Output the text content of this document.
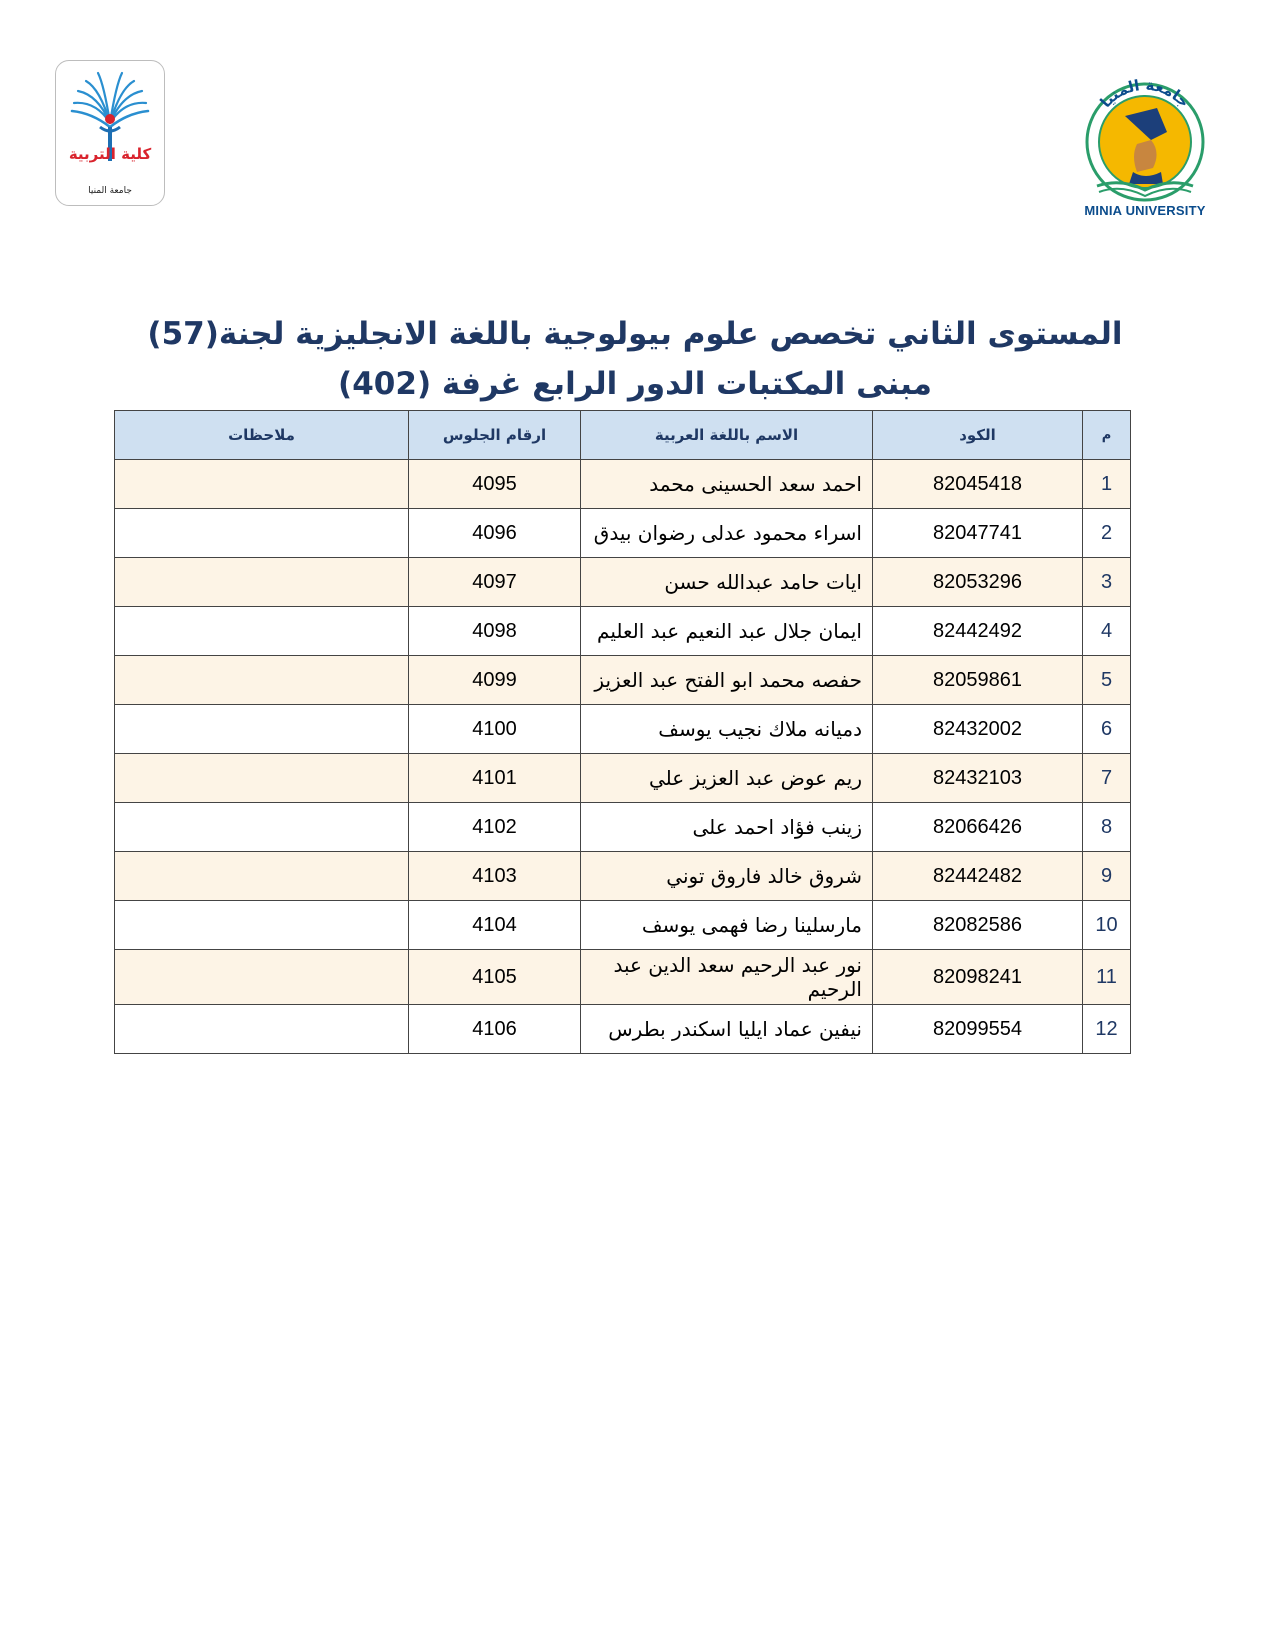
كلية التربية
جامعة المنيا
جامعة المنيا
MINIA UNIVERSITY
المستوى الثاني تخصص علوم بيولوجية باللغة الانجليزية لجنة(57)
مبنى المكتبات الدور الرابع غرفة (402)
م	الكود	الاسم باللغة العربية	ارقام الجلوس	ملاحظات
1	82045418	احمد سعد الحسينى محمد	4095	
2	82047741	اسراء محمود عدلى رضوان بيدق	4096	
3	82053296	ايات حامد عبدالله حسن	4097	
4	82442492	ايمان جلال عبد النعيم عبد العليم	4098	
5	82059861	حفصه محمد ابو الفتح عبد العزيز	4099	
6	82432002	دميانه ملاك نجيب يوسف	4100	
7	82432103	ريم عوض عبد العزيز علي	4101	
8	82066426	زينب فؤاد احمد على	4102	
9	82442482	شروق خالد فاروق توني	4103	
10	82082586	مارسلينا رضا فهمى يوسف	4104	
11	82098241	نور عبد الرحيم سعد الدين عبد الرحيم	4105	
12	82099554	نيفين عماد ايليا اسكندر بطرس	4106	
